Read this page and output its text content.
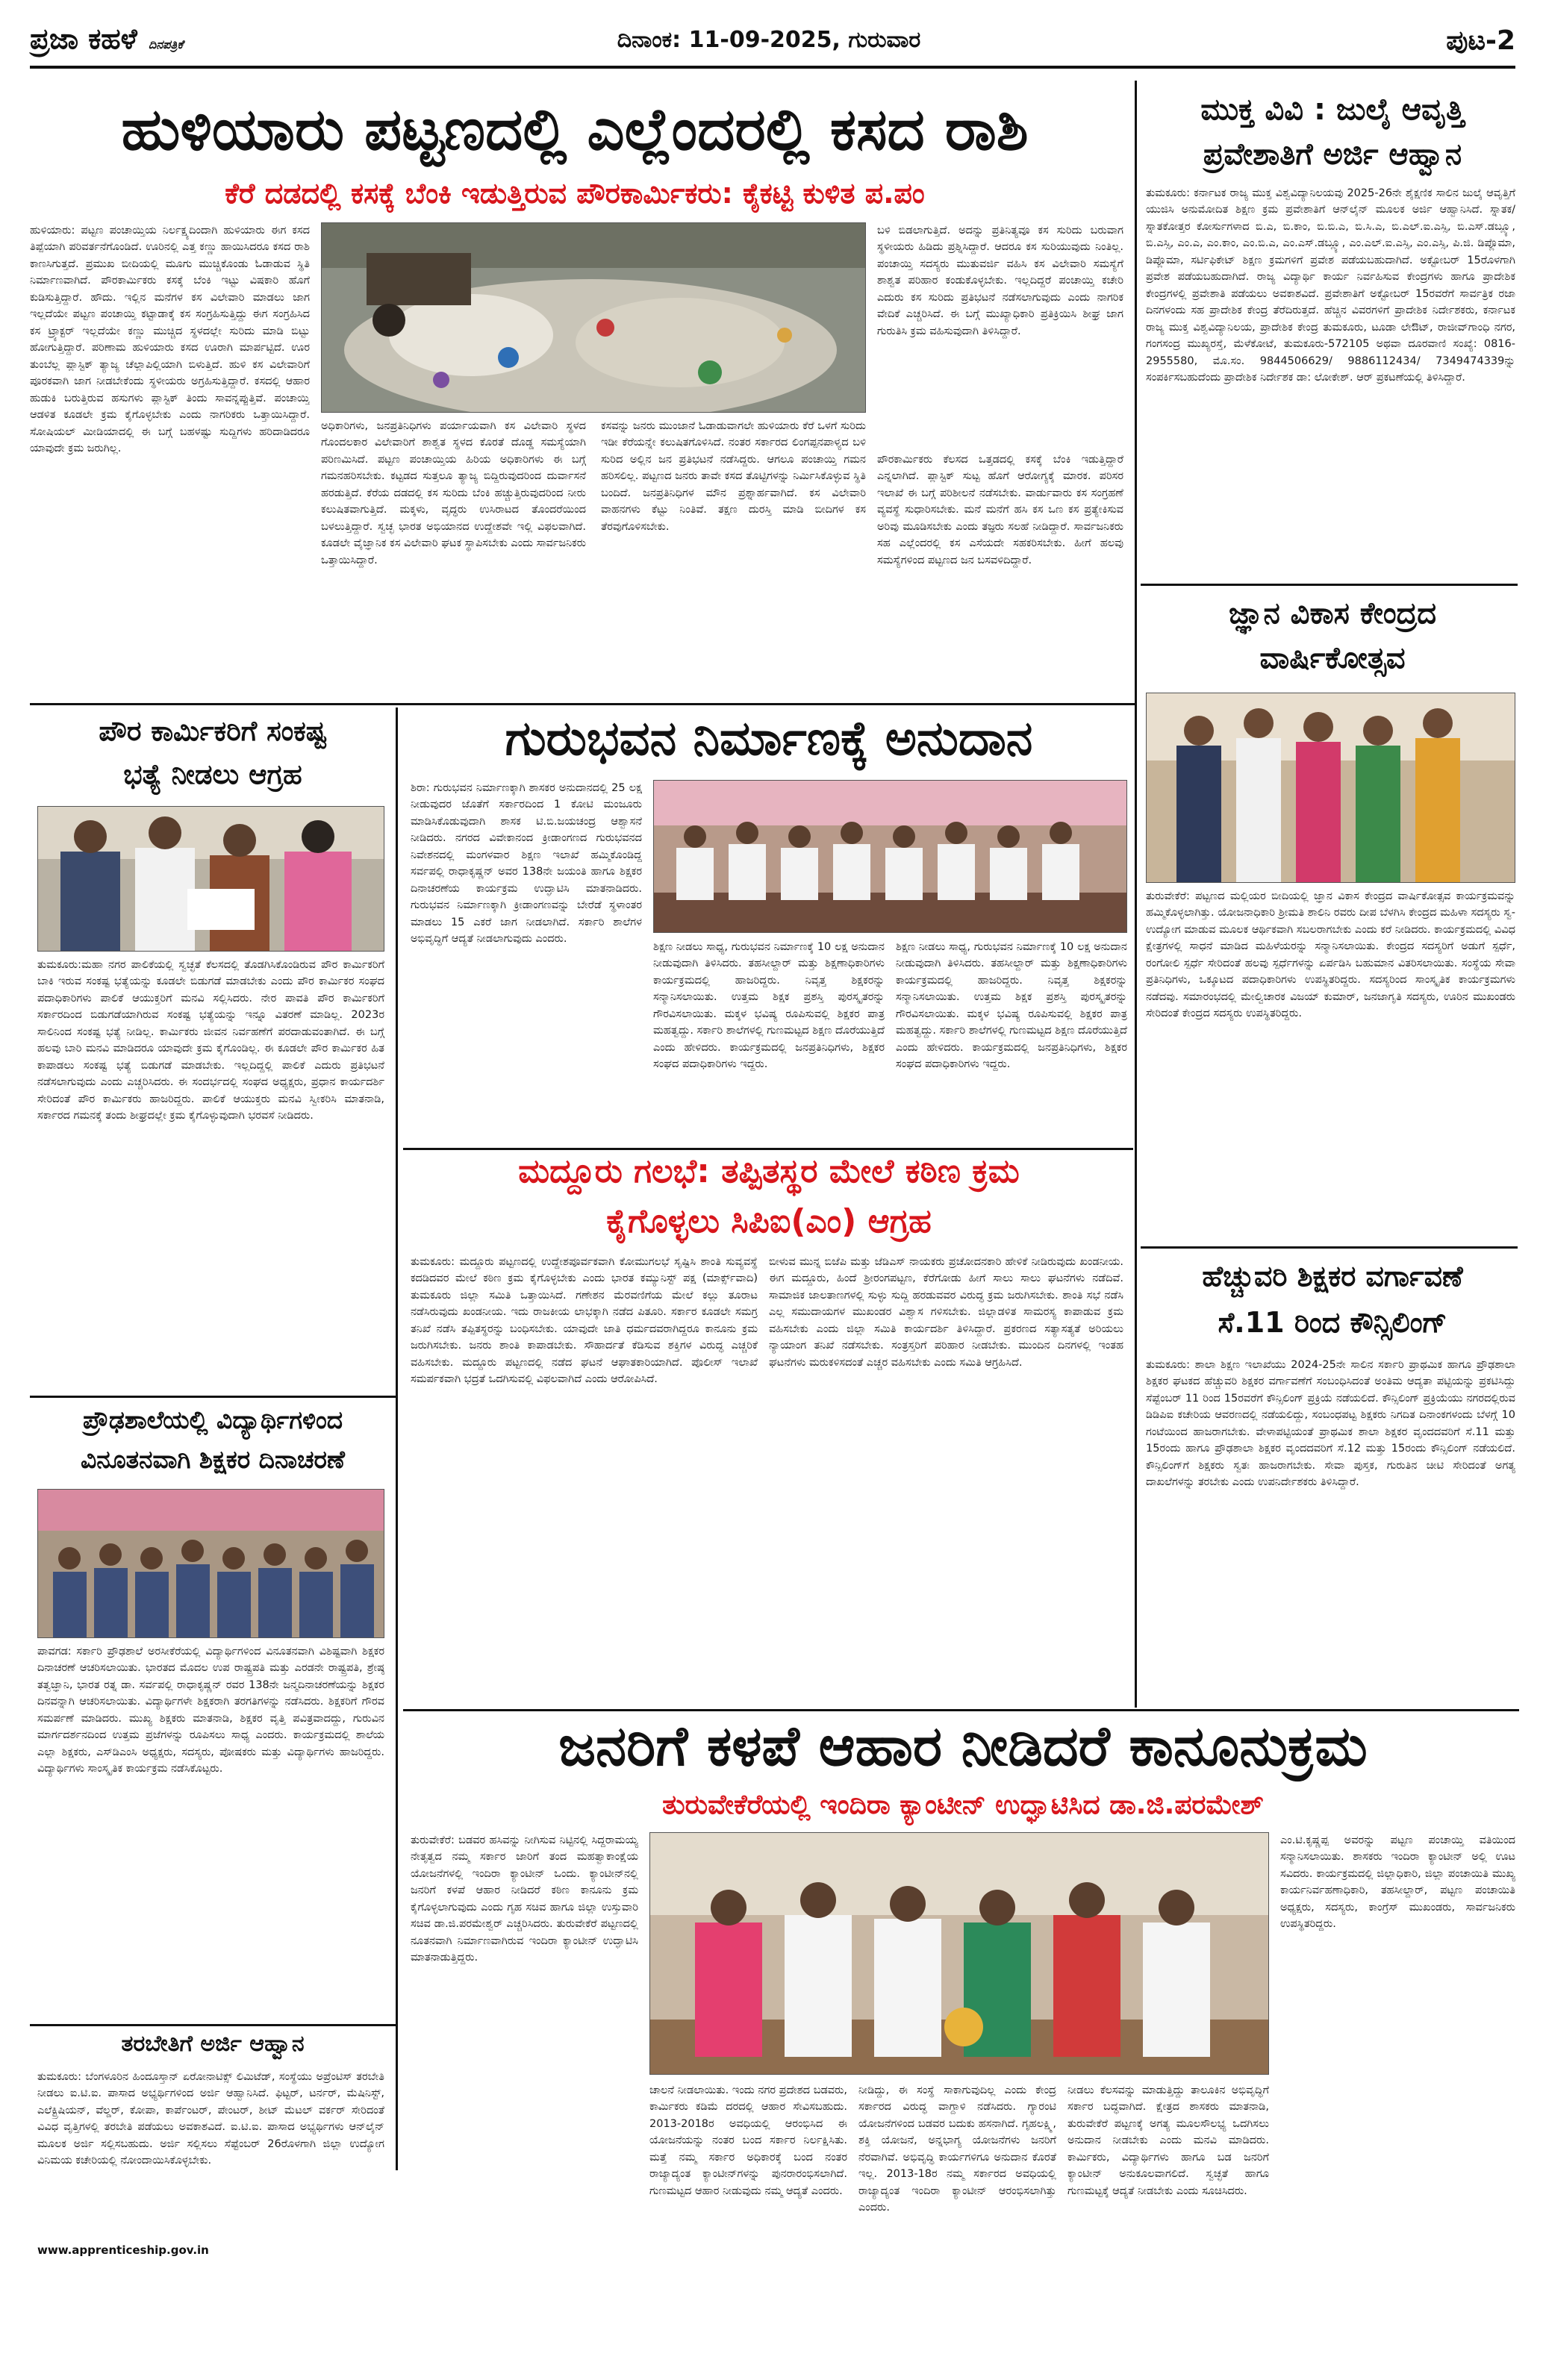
ಪ್ರಜಾ ಕಹಳೆ ದಿನಪತ್ರಿಕೆ	ದಿನಾಂಕ: 11-09-2025, ಗುರುವಾರ	ಪುಟ-2
ಹುಳಿಯಾರು ಪಟ್ಟಣದಲ್ಲಿ ಎಲ್ಲೆಂದರಲ್ಲಿ ಕಸದ ರಾಶಿ
ಕೆರೆ ದಡದಲ್ಲಿ ಕಸಕ್ಕೆ ಬೆಂಕಿ ಇಡುತ್ತಿರುವ ಪೌರಕಾರ್ಮಿಕರು: ಕೈಕಟ್ಟಿ ಕುಳಿತ ಪ.ಪಂ
ಹುಳಿಯಾರು: ಪಟ್ಟಣ ಪಂಚಾಯ್ತಿಯ ನಿರ್ಲಕ್ಷ್ಯದಿಂದಾಗಿ ಹುಳಿಯಾರು ಈಗ ಕಸದ ತಿಪ್ಪೆಯಾಗಿ ಪರಿವರ್ತನೆಗೊಂಡಿದೆ. ಊರಿನಲ್ಲಿ ಎತ್ತ ಕಣ್ಣು ಹಾಯಿಸಿದರೂ ಕಸದ ರಾಶಿ ಕಾಣಸಿಗುತ್ತದೆ. ಪ್ರಮುಖ ಬೀದಿಯಲ್ಲಿ ಮೂಗು ಮುಚ್ಚಿಕೊಂಡು ಓಡಾಡುವ ಸ್ಥಿತಿ ನಿರ್ಮಾಣವಾಗಿದೆ. ಪೌರಕಾರ್ಮಿಕರು ಕಸಕ್ಕೆ ಬೆಂಕಿ ಇಟ್ಟು ವಿಷಕಾರಿ ಹೊಗೆ ಕುಡಿಸುತ್ತಿದ್ದಾರೆ. ಹೌದು. ಇಲ್ಲಿನ ಮನೆಗಳ ಕಸ ವಿಲೇವಾರಿ ಮಾಡಲು ಜಾಗ ಇಲ್ಲದೆಯೇ ಪಟ್ಟಣ ಪಂಚಾಯ್ತಿ ಕಟ್ಟಾಡಾಕ್ಕೆ ಕಸ ಸಂಗ್ರಹಿಸುತ್ತಿದ್ದು ಈಗ ಸಂಗ್ರಹಿಸಿದ ಕಸ ಟ್ರ್ಯಾಕ್ಟರ್ ಇಲ್ಲದೆಯೇ ಕಣ್ಣು ಮುಚ್ಚಿದ ಸ್ಥಳದಲ್ಲೇ ಸುರಿದು ಮಾಡಿ ಬಿಟ್ಟು ಹೋಗುತ್ತಿದ್ದಾರೆ. ಪರಿಣಾಮ ಹುಳಿಯಾರು ಕಸದ ಊರಾಗಿ ಮಾರ್ಪಟ್ಟಿದೆ. ಊರ ತುಂಬೆಲ್ಲ ಪ್ಲಾಸ್ಟಿಕ್ ತ್ಯಾಜ್ಯ ಚೆಲ್ಲಾಪಿಲ್ಲಿಯಾಗಿ ಬಿಳುತ್ತಿದೆ. ಹುಳಿ ಕಸ ವಿಲೇವಾರಿಗೆ ಪೂರಕವಾಗಿ ಜಾಗ ನೀಡಬೇಕೆಂದು ಸ್ಥಳೀಯರು ಅಗ್ರಹಿಸುತ್ತಿದ್ದಾರೆ. ಕಸದಲ್ಲಿ ಆಹಾರ ಹುಡುಕಿ ಬರುತ್ತಿರುವ ಹಸುಗಳು ಪ್ಲಾಸ್ಟಿಕ್ ತಿಂದು ಸಾವನ್ನಪ್ಪುತ್ತಿವೆ. ಪಂಚಾಯ್ತಿ ಆಡಳಿತ ಕೂಡಲೇ ಕ್ರಮ ಕೈಗೊಳ್ಳಬೇಕು ಎಂದು ನಾಗರಿಕರು ಒತ್ತಾಯಿಸಿದ್ದಾರೆ. ಸೋಷಿಯಲ್ ಮೀಡಿಯಾದಲ್ಲಿ ಈ ಬಗ್ಗೆ ಬಹಳಷ್ಟು ಸುದ್ದಿಗಳು ಹರಿದಾಡಿದರೂ ಯಾವುದೇ ಕ್ರಮ ಜರುಗಿಲ್ಲ.
ಅಧಿಕಾರಿಗಳು, ಜನಪ್ರತಿನಿಧಿಗಳು ಪರ್ಯಾಯವಾಗಿ ಕಸ ವಿಲೇವಾರಿ ಸ್ಥಳದ ಗೊಂದಲಕಾರ ವಿಲೇವಾರಿಗೆ ಶಾಶ್ವತ ಸ್ಥಳದ ಕೊರತೆ ದೊಡ್ಡ ಸಮಸ್ಯೆಯಾಗಿ ಪರಿಣಮಿಸಿದೆ. ಪಟ್ಟಣ ಪಂಚಾಯ್ತಿಯ ಹಿರಿಯ ಅಧಿಕಾರಿಗಳು ಈ ಬಗ್ಗೆ ಗಮನಹರಿಸಬೇಕು. ಕಟ್ಟಡದ ಸುತ್ತಲೂ ತ್ಯಾಜ್ಯ ಬಿದ್ದಿರುವುದರಿಂದ ದುರ್ವಾಸನೆ ಹರಡುತ್ತಿದೆ. ಕೆರೆಯ ದಡದಲ್ಲಿ ಕಸ ಸುರಿದು ಬೆಂಕಿ ಹಚ್ಚುತ್ತಿರುವುದರಿಂದ ನೀರು ಕಲುಷಿತವಾಗುತ್ತಿದೆ. ಮಕ್ಕಳು, ವೃದ್ಧರು ಉಸಿರಾಟದ ತೊಂದರೆಯಿಂದ ಬಳಲುತ್ತಿದ್ದಾರೆ. ಸ್ವಚ್ಛ ಭಾರತ ಅಭಿಯಾನದ ಉದ್ದೇಶವೇ ಇಲ್ಲಿ ವಿಫಲವಾಗಿದೆ. ಕೂಡಲೇ ವೈಜ್ಞಾನಿಕ ಕಸ ವಿಲೇವಾರಿ ಘಟಕ ಸ್ಥಾಪಿಸಬೇಕು ಎಂದು ಸಾರ್ವಜನಿಕರು ಒತ್ತಾಯಿಸಿದ್ದಾರೆ.
ಕಸವನ್ನು ಜನರು ಮುಂಜಾನೆ ಓಡಾಡುವಾಗಲೇ ಹುಳಿಯಾರು ಕೆರೆ ಒಳಗೆ ಸುರಿದು ಇಡೀ ಕೆರೆಯನ್ನೇ ಕಲುಷಿತಗೊಳಿಸಿದೆ. ನಂತರ ಸರ್ಕಾರದ ಲಿಂಗಪ್ಪನಪಾಳ್ಯದ ಬಳಿ ಸುರಿದ ಅಲ್ಲಿನ ಜನ ಪ್ರತಿಭಟನೆ ನಡೆಸಿದ್ದರು. ಆಗಲೂ ಪಂಚಾಯ್ತಿ ಗಮನ ಹರಿಸಲಿಲ್ಲ. ಪಟ್ಟಣದ ಜನರು ತಾವೇ ಕಸದ ತೊಟ್ಟಿಗಳನ್ನು ನಿರ್ಮಿಸಿಕೊಳ್ಳುವ ಸ್ಥಿತಿ ಬಂದಿದೆ. ಜನಪ್ರತಿನಿಧಿಗಳ ಮೌನ ಪ್ರಶ್ನಾರ್ಹವಾಗಿದೆ. ಕಸ ವಿಲೇವಾರಿ ವಾಹನಗಳು ಕೆಟ್ಟು ನಿಂತಿವೆ. ತಕ್ಷಣ ದುರಸ್ತಿ ಮಾಡಿ ಬೀದಿಗಳ ಕಸ ತೆರವುಗೊಳಿಸಬೇಕು.
ಬಳಿ ಬಿಡಲಾಗುತ್ತಿದೆ. ಅದನ್ನು ಪ್ರತಿನಿತ್ಯವೂ ಕಸ ಸುರಿದು ಬರುವಾಗ ಸ್ಥಳೀಯರು ಹಿಡಿದು ಪ್ರಶ್ನಿಸಿದ್ದಾರೆ. ಆದರೂ ಕಸ ಸುರಿಯುವುದು ನಿಂತಿಲ್ಲ. ಪಂಚಾಯ್ತಿ ಸದಸ್ಯರು ಮುತುವರ್ಜಿ ವಹಿಸಿ ಕಸ ವಿಲೇವಾರಿ ಸಮಸ್ಯೆಗೆ ಶಾಶ್ವತ ಪರಿಹಾರ ಕಂಡುಕೊಳ್ಳಬೇಕು. ಇಲ್ಲದಿದ್ದರೆ ಪಂಚಾಯ್ತಿ ಕಚೇರಿ ಎದುರು ಕಸ ಸುರಿದು ಪ್ರತಿಭಟನೆ ನಡೆಸಲಾಗುವುದು ಎಂದು ನಾಗರಿಕ ವೇದಿಕೆ ಎಚ್ಚರಿಸಿದೆ. ಈ ಬಗ್ಗೆ ಮುಖ್ಯಾಧಿಕಾರಿ ಪ್ರತಿಕ್ರಿಯಿಸಿ ಶೀಘ್ರ ಜಾಗ ಗುರುತಿಸಿ ಕ್ರಮ ವಹಿಸುವುದಾಗಿ ತಿಳಿಸಿದ್ದಾರೆ.
ಪೌರಕಾರ್ಮಿಕರು ಕೆಲಸದ ಒತ್ತಡದಲ್ಲಿ ಕಸಕ್ಕೆ ಬೆಂಕಿ ಇಡುತ್ತಿದ್ದಾರೆ ಎನ್ನಲಾಗಿದೆ. ಪ್ಲಾಸ್ಟಿಕ್ ಸುಟ್ಟ ಹೊಗೆ ಆರೋಗ್ಯಕ್ಕೆ ಮಾರಕ. ಪರಿಸರ ಇಲಾಖೆ ಈ ಬಗ್ಗೆ ಪರಿಶೀಲನೆ ನಡೆಸಬೇಕು. ವಾರ್ಡುವಾರು ಕಸ ಸಂಗ್ರಹಣೆ ವ್ಯವಸ್ಥೆ ಸುಧಾರಿಸಬೇಕು. ಮನೆ ಮನೆಗೆ ಹಸಿ ಕಸ ಒಣ ಕಸ ಪ್ರತ್ಯೇಕಿಸುವ ಅರಿವು ಮೂಡಿಸಬೇಕು ಎಂದು ತಜ್ಞರು ಸಲಹೆ ನೀಡಿದ್ದಾರೆ. ಸಾರ್ವಜನಿಕರು ಸಹ ಎಲ್ಲೆಂದರಲ್ಲಿ ಕಸ ಎಸೆಯದೇ ಸಹಕರಿಸಬೇಕು. ಹೀಗೆ ಹಲವು ಸಮಸ್ಯೆಗಳಿಂದ ಪಟ್ಟಣದ ಜನ ಬಸವಳಿದಿದ್ದಾರೆ.
ಮುಕ್ತ ವಿವಿ : ಜುಲೈ ಆವೃತ್ತಿ
ಪ್ರವೇಶಾತಿಗೆ ಅರ್ಜಿ ಆಹ್ವಾನ
ತುಮಕೂರು: ಕರ್ನಾಟಕ ರಾಜ್ಯ ಮುಕ್ತ ವಿಶ್ವವಿದ್ಯಾನಿಲಯವು 2025-26ನೇ ಶೈಕ್ಷಣಿಕ ಸಾಲಿನ ಜುಲೈ ಆವೃತ್ತಿಗೆ ಯುಜಿಸಿ ಅನುಮೋದಿತ ಶಿಕ್ಷಣ ಕ್ರಮ ಪ್ರವೇಶಾತಿಗೆ ಆನ್‌ಲೈನ್ ಮೂಲಕ ಅರ್ಜಿ ಆಹ್ವಾನಿಸಿದೆ. ಸ್ನಾತಕ/ಸ್ನಾತಕೋತ್ತರ ಕೋರ್ಸುಗಳಾದ ಬಿ.ಎ, ಬಿ.ಕಾಂ, ಬಿ.ಬಿ.ಎ, ಬಿ.ಸಿ.ಎ, ಬಿ.ಎಲ್.ಐ.ಎಸ್ಸಿ, ಬಿ.ಎಸ್.ಡಬ್ಲ್ಯೂ, ಬಿ.ಎಸ್ಸಿ, ಎಂ.ಎ, ಎಂ.ಕಾಂ, ಎಂ.ಬಿ.ಎ, ಎಂ.ಎಸ್.ಡಬ್ಲ್ಯೂ, ಎಂ.ಎಲ್.ಐ.ಎಸ್ಸಿ, ಎಂ.ಎಸ್ಸಿ, ಪಿ.ಜಿ. ಡಿಪ್ಲೊಮಾ, ಡಿಪ್ಲೊಮಾ, ಸರ್ಟಿಫಿಕೇಟ್ ಶಿಕ್ಷಣ ಕ್ರಮಗಳಿಗೆ ಪ್ರವೇಶ ಪಡೆಯಬಹುದಾಗಿದೆ. ಅಕ್ಟೋಬರ್ 15ರೊಳಗಾಗಿ ಪ್ರವೇಶ ಪಡೆಯಬಹುದಾಗಿದೆ. ರಾಜ್ಯ ವಿದ್ಯಾರ್ಥಿ ಕಾರ್ಯ ನಿರ್ವಹಿಸುವ ಕೇಂದ್ರಗಳು ಹಾಗೂ ಪ್ರಾದೇಶಿಕ ಕೇಂದ್ರಗಳಲ್ಲಿ ಪ್ರವೇಶಾತಿ ಪಡೆಯಲು ಅವಕಾಶವಿದೆ. ಪ್ರವೇಶಾತಿಗೆ ಅಕ್ಟೋಬರ್ 15ರವರೆಗೆ ಸಾರ್ವತ್ರಿಕ ರಜಾ ದಿನಗಳಂದು ಸಹ ಪ್ರಾದೇಶಿಕ ಕೇಂದ್ರ ತೆರೆದಿರುತ್ತದೆ. ಹೆಚ್ಚಿನ ವಿವರಗಳಿಗೆ ಪ್ರಾದೇಶಿಕ ನಿರ್ದೇಶಕರು, ಕರ್ನಾಟಕ ರಾಜ್ಯ ಮುಕ್ತ ವಿಶ್ವವಿದ್ಯಾನಿಲಯ, ಪ್ರಾದೇಶಿಕ ಕೇಂದ್ರ ತುಮಕೂರು, ಟೂಡಾ ಲೇಔಟ್, ರಾಜೀವ್‌ಗಾಂಧಿ ನಗರ, ಗಂಗಸಂದ್ರ ಮುಖ್ಯರಸ್ತೆ, ಮೆಳೆಕೋಟೆ, ತುಮಕೂರು-572105 ಅಥವಾ ದೂರವಾಣಿ ಸಂಖ್ಯೆ: 0816-2955580, ಮೊ.ಸಂ. 9844506629/ 9886112434/ 7349474339ನ್ನು ಸಂಪರ್ಕಿಸಬಹುದೆಂದು ಪ್ರಾದೇಶಿಕ ನಿರ್ದೇಶಕ ಡಾ: ಲೋಕೇಶ್. ಆರ್ ಪ್ರಕಟಣೆಯಲ್ಲಿ ತಿಳಿಸಿದ್ದಾರೆ.
ಜ್ಞಾನ ವಿಕಾಸ ಕೇಂದ್ರದ
ವಾರ್ಷಿಕೋತ್ಸವ
ತುರುವೇಕೆರೆ: ಪಟ್ಟಣದ ಮಲ್ಲಿಯರ ಬೀದಿಯಲ್ಲಿ ಜ್ಞಾನ ವಿಕಾಸ ಕೇಂದ್ರದ ವಾರ್ಷಿಕೋತ್ಸವ ಕಾರ್ಯಕ್ರಮವನ್ನು ಹಮ್ಮಿಕೊಳ್ಳಲಾಗಿತ್ತು. ಯೋಜನಾಧಿಕಾರಿ ಶ್ರೀಮತಿ ಶಾಲಿನಿ ರವರು ದೀಪ ಬೆಳಗಿಸಿ ಕೇಂದ್ರದ ಮಹಿಳಾ ಸದಸ್ಯರು ಸ್ವ-ಉದ್ಯೋಗ ಮಾಡುವ ಮೂಲಕ ಆರ್ಥಿಕವಾಗಿ ಸಬಲರಾಗಬೇಕು ಎಂದು ಕರೆ ನೀಡಿದರು. ಕಾರ್ಯಕ್ರಮದಲ್ಲಿ ವಿವಿಧ ಕ್ಷೇತ್ರಗಳಲ್ಲಿ ಸಾಧನೆ ಮಾಡಿದ ಮಹಿಳೆಯರನ್ನು ಸನ್ಮಾನಿಸಲಾಯಿತು. ಕೇಂದ್ರದ ಸದಸ್ಯರಿಗೆ ಅಡುಗೆ ಸ್ಪರ್ಧೆ, ರಂಗೋಲಿ ಸ್ಪರ್ಧೆ ಸೇರಿದಂತೆ ಹಲವು ಸ್ಪರ್ಧೆಗಳನ್ನು ಏರ್ಪಡಿಸಿ ಬಹುಮಾನ ವಿತರಿಸಲಾಯಿತು. ಸಂಸ್ಥೆಯ ಸೇವಾ ಪ್ರತಿನಿಧಿಗಳು, ಒಕ್ಕೂಟದ ಪದಾಧಿಕಾರಿಗಳು ಉಪಸ್ಥಿತರಿದ್ದರು. ಸದಸ್ಯರಿಂದ ಸಾಂಸ್ಕೃತಿಕ ಕಾರ್ಯಕ್ರಮಗಳು ನಡೆದವು. ಸಮಾರಂಭದಲ್ಲಿ ಮೇಲ್ವಿಚಾರಕ ವಿಜಯ್ ಕುಮಾರ್, ಜನಜಾಗೃತಿ ಸದಸ್ಯರು, ಊರಿನ ಮುಖಂಡರು ಸೇರಿದಂತೆ ಕೇಂದ್ರದ ಸದಸ್ಯರು ಉಪಸ್ಥಿತರಿದ್ದರು.
ಹೆಚ್ಚುವರಿ ಶಿಕ್ಷಕರ ವರ್ಗಾವಣೆ
ಸೆ.11 ರಿಂದ ಕೌನ್ಸಿಲಿಂಗ್
ತುಮಕೂರು: ಶಾಲಾ ಶಿಕ್ಷಣ ಇಲಾಖೆಯು 2024-25ನೇ ಸಾಲಿನ ಸರ್ಕಾರಿ ಪ್ರಾಥಮಿಕ ಹಾಗೂ ಪ್ರೌಢಶಾಲಾ ಶಿಕ್ಷಕರ ಘಟಕದ ಹೆಚ್ಚುವರಿ ಶಿಕ್ಷಕರ ವರ್ಗಾವಣೆಗೆ ಸಂಬಂಧಿಸಿದಂತೆ ಅಂತಿಮ ಆದ್ಯತಾ ಪಟ್ಟಿಯನ್ನು ಪ್ರಕಟಿಸಿದ್ದು ಸೆಪ್ಟೆಂಬರ್ 11 ರಿಂದ 15ರವರೆಗೆ ಕೌನ್ಸಿಲಿಂಗ್ ಪ್ರಕ್ರಿಯೆ ನಡೆಯಲಿದೆ. ಕೌನ್ಸಿಲಿಂಗ್ ಪ್ರಕ್ರಿಯೆಯು ನಗರದಲ್ಲಿರುವ ಡಿಡಿಪಿಐ ಕಚೇರಿಯ ಆವರಣದಲ್ಲಿ ನಡೆಯಲಿದ್ದು, ಸಂಬಂಧಪಟ್ಟ ಶಿಕ್ಷಕರು ನಿಗದಿತ ದಿನಾಂಕಗಳಂದು ಬೆಳಗ್ಗೆ 10 ಗಂಟೆಯಿಂದ ಹಾಜರಾಗಬೇಕು. ವೇಳಾಪಟ್ಟಿಯಂತೆ ಪ್ರಾಥಮಿಕ ಶಾಲಾ ಶಿಕ್ಷಕರ ವೃಂದದವರಿಗೆ ಸೆ.11 ಮತ್ತು 15ರಂದು ಹಾಗೂ ಪ್ರೌಢಶಾಲಾ ಶಿಕ್ಷಕರ ವೃಂದದವರಿಗೆ ಸೆ.12 ಮತ್ತು 15ರಂದು ಕೌನ್ಸಿಲಿಂಗ್ ನಡೆಯಲಿದೆ. ಕೌನ್ಸಿಲಿಂಗ್‌ಗೆ ಶಿಕ್ಷಕರು ಸ್ವತಃ ಹಾಜರಾಗಬೇಕು. ಸೇವಾ ಪುಸ್ತಕ, ಗುರುತಿನ ಚೀಟಿ ಸೇರಿದಂತೆ ಅಗತ್ಯ ದಾಖಲೆಗಳನ್ನು ತರಬೇಕು ಎಂದು ಉಪನಿರ್ದೇಶಕರು ತಿಳಿಸಿದ್ದಾರೆ.
ಪೌರ ಕಾರ್ಮಿಕರಿಗೆ ಸಂಕಷ್ಟ
ಭತ್ಯೆ ನೀಡಲು ಆಗ್ರಹ
ತುಮಕೂರು:ಮಹಾ ನಗರ ಪಾಲಿಕೆಯಲ್ಲಿ ಸ್ವಚ್ಛತೆ ಕೆಲಸದಲ್ಲಿ ತೊಡಗಿಸಿಕೊಂಡಿರುವ ಪೌರ ಕಾರ್ಮಿಕರಿಗೆ ಬಾಕಿ ಇರುವ ಸಂಕಷ್ಟ ಭತ್ಯೆಯನ್ನು ಕೂಡಲೇ ಬಿಡುಗಡೆ ಮಾಡಬೇಕು ಎಂದು ಪೌರ ಕಾರ್ಮಿಕರ ಸಂಘದ ಪದಾಧಿಕಾರಿಗಳು ಪಾಲಿಕೆ ಆಯುಕ್ತರಿಗೆ ಮನವಿ ಸಲ್ಲಿಸಿದರು. ನೇರ ಪಾವತಿ ಪೌರ ಕಾರ್ಮಿಕರಿಗೆ ಸರ್ಕಾರದಿಂದ ಬಿಡುಗಡೆಯಾಗಿರುವ ಸಂಕಷ್ಟ ಭತ್ಯೆಯನ್ನು ಇನ್ನೂ ವಿತರಣೆ ಮಾಡಿಲ್ಲ. 2023ರ ಸಾಲಿನಿಂದ ಸಂಕಷ್ಟ ಭತ್ಯೆ ನೀಡಿಲ್ಲ. ಕಾರ್ಮಿಕರು ಜೀವನ ನಿರ್ವಹಣೆಗೆ ಪರದಾಡುವಂತಾಗಿದೆ. ಈ ಬಗ್ಗೆ ಹಲವು ಬಾರಿ ಮನವಿ ಮಾಡಿದರೂ ಯಾವುದೇ ಕ್ರಮ ಕೈಗೊಂಡಿಲ್ಲ. ಈ ಕೂಡಲೇ ಪೌರ ಕಾರ್ಮಿಕರ ಹಿತ ಕಾಪಾಡಲು ಸಂಕಷ್ಟ ಭತ್ಯೆ ಬಿಡುಗಡೆ ಮಾಡಬೇಕು. ಇಲ್ಲದಿದ್ದಲ್ಲಿ ಪಾಲಿಕೆ ಎದುರು ಪ್ರತಿಭಟನೆ ನಡೆಸಲಾಗುವುದು ಎಂದು ಎಚ್ಚರಿಸಿದರು. ಈ ಸಂದರ್ಭದಲ್ಲಿ ಸಂಘದ ಅಧ್ಯಕ್ಷರು, ಪ್ರಧಾನ ಕಾರ್ಯದರ್ಶಿ ಸೇರಿದಂತೆ ಪೌರ ಕಾರ್ಮಿಕರು ಹಾಜರಿದ್ದರು. ಪಾಲಿಕೆ ಆಯುಕ್ತರು ಮನವಿ ಸ್ವೀಕರಿಸಿ ಮಾತನಾಡಿ, ಸರ್ಕಾರದ ಗಮನಕ್ಕೆ ತಂದು ಶೀಘ್ರದಲ್ಲೇ ಕ್ರಮ ಕೈಗೊಳ್ಳುವುದಾಗಿ ಭರವಸೆ ನೀಡಿದರು.
ಪ್ರೌಢಶಾಲೆಯಲ್ಲಿ ವಿದ್ಯಾರ್ಥಿಗಳಿಂದ
ವಿನೂತನವಾಗಿ ಶಿಕ್ಷಕರ ದಿನಾಚರಣೆ
ಪಾವಗಡ: ಸರ್ಕಾರಿ ಪ್ರೌಢಶಾಲೆ ಅರಸೀಕೆರೆಯಲ್ಲಿ ವಿದ್ಯಾರ್ಥಿಗಳಿಂದ ವಿನೂತನವಾಗಿ ವಿಶಿಷ್ಟವಾಗಿ ಶಿಕ್ಷಕರ ದಿನಾಚರಣೆ ಆಚರಿಸಲಾಯಿತು. ಭಾರತದ ಮೊದಲ ಉಪ ರಾಷ್ಟ್ರಪತಿ ಮತ್ತು ಎರಡನೇ ರಾಷ್ಟ್ರಪತಿ, ಶ್ರೇಷ್ಠ ತತ್ವಜ್ಞಾನಿ, ಭಾರತ ರತ್ನ ಡಾ. ಸರ್ವಪಲ್ಲಿ ರಾಧಾಕೃಷ್ಣನ್ ರವರ 138ನೇ ಜನ್ಮದಿನಾಚರಣೆಯನ್ನು ಶಿಕ್ಷಕರ ದಿನವನ್ನಾಗಿ ಆಚರಿಸಲಾಯಿತು. ವಿದ್ಯಾರ್ಥಿಗಳೇ ಶಿಕ್ಷಕರಾಗಿ ತರಗತಿಗಳನ್ನು ನಡೆಸಿದರು. ಶಿಕ್ಷಕರಿಗೆ ಗೌರವ ಸಮರ್ಪಣೆ ಮಾಡಿದರು. ಮುಖ್ಯ ಶಿಕ್ಷಕರು ಮಾತನಾಡಿ, ಶಿಕ್ಷಕರ ವೃತ್ತಿ ಪವಿತ್ರವಾದದ್ದು, ಗುರುವಿನ ಮಾರ್ಗದರ್ಶನದಿಂದ ಉತ್ತಮ ಪ್ರಜೆಗಳನ್ನು ರೂಪಿಸಲು ಸಾಧ್ಯ ಎಂದರು. ಕಾರ್ಯಕ್ರಮದಲ್ಲಿ ಶಾಲೆಯ ಎಲ್ಲಾ ಶಿಕ್ಷಕರು, ಎಸ್‌ಡಿಎಂಸಿ ಅಧ್ಯಕ್ಷರು, ಸದಸ್ಯರು, ಪೋಷಕರು ಮತ್ತು ವಿದ್ಯಾರ್ಥಿಗಳು ಹಾಜರಿದ್ದರು. ವಿದ್ಯಾರ್ಥಿಗಳು ಸಾಂಸ್ಕೃತಿಕ ಕಾರ್ಯಕ್ರಮ ನಡೆಸಿಕೊಟ್ಟರು.
ತರಬೇತಿಗೆ ಅರ್ಜಿ ಆಹ್ವಾನ
ತುಮಕೂರು: ಬೆಂಗಳೂರಿನ ಹಿಂದೂಸ್ತಾನ್ ಏರೋನಾಟಿಕ್ಸ್ ಲಿಮಿಟೆಡ್, ಸಂಸ್ಥೆಯು ಅಪ್ರೆಂಟಿಸ್ ತರಬೇತಿ ನೀಡಲು ಐ.ಟಿ.ಐ. ಪಾಸಾದ ಅಭ್ಯರ್ಥಿಗಳಿಂದ ಅರ್ಜಿ ಆಹ್ವಾನಿಸಿದೆ. ಫಿಟ್ಟರ್, ಟರ್ನರ್, ಮೆಷಿನಿಸ್ಟ್, ಎಲೆಕ್ಟ್ರಿಷಿಯನ್, ವೆಲ್ಡರ್, ಕೋಪಾ, ಕಾರ್ಪೆಂಟರ್, ಪೇಂಟರ್, ಶೀಟ್ ಮೆಟಲ್ ವರ್ಕರ್ ಸೇರಿದಂತೆ ವಿವಿಧ ವೃತ್ತಿಗಳಲ್ಲಿ ತರಬೇತಿ ಪಡೆಯಲು ಅವಕಾಶವಿದೆ. ಐ.ಟಿ.ಐ. ಪಾಸಾದ ಅಭ್ಯರ್ಥಿಗಳು ಆನ್‌ಲೈನ್ ಮೂಲಕ ಅರ್ಜಿ ಸಲ್ಲಿಸಬಹುದು. ಅರ್ಜಿ ಸಲ್ಲಿಸಲು ಸೆಪ್ಟೆಂಬರ್ 26ರೊಳಗಾಗಿ ಜಿಲ್ಲಾ ಉದ್ಯೋಗ ವಿನಿಮಯ ಕಚೇರಿಯಲ್ಲಿ ನೋಂದಾಯಿಸಿಕೊಳ್ಳಬೇಕು.
www.apprenticeship.gov.in
ಗುರುಭವನ ನಿರ್ಮಾಣಕ್ಕೆ ಅನುದಾನ
ಶಿರಾ: ಗುರುಭವನ ನಿರ್ಮಾಣಕ್ಕಾಗಿ ಶಾಸಕರ ಅನುದಾನದಲ್ಲಿ 25 ಲಕ್ಷ ನೀಡುವುದರ ಜೊತೆಗೆ ಸರ್ಕಾರದಿಂದ 1 ಕೋಟಿ ಮಂಜೂರು ಮಾಡಿಸಿಕೊಡುವುದಾಗಿ ಶಾಸಕ ಟಿ.ಬಿ.ಜಯಚಂದ್ರ ಆಶ್ವಾಸನೆ ನೀಡಿದರು. ನಗರದ ವಿವೇಕಾನಂದ ಕ್ರೀಡಾಂಗಣದ ಗುರುಭವನದ ನಿವೇಶನದಲ್ಲಿ ಮಂಗಳವಾರ ಶಿಕ್ಷಣ ಇಲಾಖೆ ಹಮ್ಮಿಕೊಂಡಿದ್ದ ಸರ್ವಪಲ್ಲಿ ರಾಧಾಕೃಷ್ಣನ್ ಅವರ 138ನೇ ಜಯಂತಿ ಹಾಗೂ ಶಿಕ್ಷಕರ ದಿನಾಚರಣೆಯ ಕಾರ್ಯಕ್ರಮ ಉದ್ಘಾಟಿಸಿ ಮಾತನಾಡಿದರು. ಗುರುಭವನ ನಿರ್ಮಾಣಕ್ಕಾಗಿ ಕ್ರೀಡಾಂಗಣವನ್ನು ಬೇರೆಡೆ ಸ್ಥಳಾಂತರ ಮಾಡಲು 15 ಎಕರೆ ಜಾಗ ನೀಡಲಾಗಿದೆ. ಸರ್ಕಾರಿ ಶಾಲೆಗಳ ಅಭಿವೃದ್ಧಿಗೆ ಆದ್ಯತೆ ನೀಡಲಾಗುವುದು ಎಂದರು.
ಶಿಕ್ಷಣ ನೀಡಲು ಸಾಧ್ಯ, ಗುರುಭವನ ನಿರ್ಮಾಣಕ್ಕೆ 10 ಲಕ್ಷ ಅನುದಾನ ನೀಡುವುದಾಗಿ ತಿಳಿಸಿದರು. ತಹಸೀಲ್ದಾರ್ ಮತ್ತು ಶಿಕ್ಷಣಾಧಿಕಾರಿಗಳು ಕಾರ್ಯಕ್ರಮದಲ್ಲಿ ಹಾಜರಿದ್ದರು. ನಿವೃತ್ತ ಶಿಕ್ಷಕರನ್ನು ಸನ್ಮಾನಿಸಲಾಯಿತು. ಉತ್ತಮ ಶಿಕ್ಷಕ ಪ್ರಶಸ್ತಿ ಪುರಸ್ಕೃತರನ್ನು ಗೌರವಿಸಲಾಯಿತು. ಮಕ್ಕಳ ಭವಿಷ್ಯ ರೂಪಿಸುವಲ್ಲಿ ಶಿಕ್ಷಕರ ಪಾತ್ರ ಮಹತ್ವದ್ದು. ಸರ್ಕಾರಿ ಶಾಲೆಗಳಲ್ಲಿ ಗುಣಮಟ್ಟದ ಶಿಕ್ಷಣ ದೊರೆಯುತ್ತಿದೆ ಎಂದು ಹೇಳಿದರು. ಕಾರ್ಯಕ್ರಮದಲ್ಲಿ ಜನಪ್ರತಿನಿಧಿಗಳು, ಶಿಕ್ಷಕರ ಸಂಘದ ಪದಾಧಿಕಾರಿಗಳು ಇದ್ದರು.
ಶಿಕ್ಷಣ ನೀಡಲು ಸಾಧ್ಯ, ಗುರುಭವನ ನಿರ್ಮಾಣಕ್ಕೆ 10 ಲಕ್ಷ ಅನುದಾನ ನೀಡುವುದಾಗಿ ತಿಳಿಸಿದರು. ತಹಸೀಲ್ದಾರ್ ಮತ್ತು ಶಿಕ್ಷಣಾಧಿಕಾರಿಗಳು ಕಾರ್ಯಕ್ರಮದಲ್ಲಿ ಹಾಜರಿದ್ದರು. ನಿವೃತ್ತ ಶಿಕ್ಷಕರನ್ನು ಸನ್ಮಾನಿಸಲಾಯಿತು. ಉತ್ತಮ ಶಿಕ್ಷಕ ಪ್ರಶಸ್ತಿ ಪುರಸ್ಕೃತರನ್ನು ಗೌರವಿಸಲಾಯಿತು. ಮಕ್ಕಳ ಭವಿಷ್ಯ ರೂಪಿಸುವಲ್ಲಿ ಶಿಕ್ಷಕರ ಪಾತ್ರ ಮಹತ್ವದ್ದು. ಸರ್ಕಾರಿ ಶಾಲೆಗಳಲ್ಲಿ ಗುಣಮಟ್ಟದ ಶಿಕ್ಷಣ ದೊರೆಯುತ್ತಿದೆ ಎಂದು ಹೇಳಿದರು. ಕಾರ್ಯಕ್ರಮದಲ್ಲಿ ಜನಪ್ರತಿನಿಧಿಗಳು, ಶಿಕ್ಷಕರ ಸಂಘದ ಪದಾಧಿಕಾರಿಗಳು ಇದ್ದರು.
ಮದ್ದೂರು ಗಲಭೆ: ತಪ್ಪಿತಸ್ಥರ ಮೇಲೆ ಕಠಿಣ ಕ್ರಮ
ಕೈಗೊಳ್ಳಲು ಸಿಪಿಐ(ಎಂ) ಆಗ್ರಹ
ತುಮಕೂರು: ಮದ್ದೂರು ಪಟ್ಟಣದಲ್ಲಿ ಉದ್ದೇಶಪೂರ್ವಕವಾಗಿ ಕೋಮುಗಲಭೆ ಸೃಷ್ಟಿಸಿ ಶಾಂತಿ ಸುವ್ಯವಸ್ಥೆ ಕದಡಿದವರ ಮೇಲೆ ಕಠಿಣ ಕ್ರಮ ಕೈಗೊಳ್ಳಬೇಕು ಎಂದು ಭಾರತ ಕಮ್ಯುನಿಸ್ಟ್ ಪಕ್ಷ (ಮಾರ್ಕ್ಸ್‌ವಾದಿ) ತುಮಕೂರು ಜಿಲ್ಲಾ ಸಮಿತಿ ಒತ್ತಾಯಿಸಿದೆ. ಗಣೇಶನ ಮೆರವಣಿಗೆಯ ಮೇಲೆ ಕಲ್ಲು ತೂರಾಟ ನಡೆಸಿರುವುದು ಖಂಡನೀಯ. ಇದು ರಾಜಕೀಯ ಲಾಭಕ್ಕಾಗಿ ನಡೆದ ಪಿತೂರಿ. ಸರ್ಕಾರ ಕೂಡಲೇ ಸಮಗ್ರ ತನಿಖೆ ನಡೆಸಿ ತಪ್ಪಿತಸ್ಥರನ್ನು ಬಂಧಿಸಬೇಕು. ಯಾವುದೇ ಜಾತಿ ಧರ್ಮದವರಾಗಿದ್ದರೂ ಕಾನೂನು ಕ್ರಮ ಜರುಗಿಸಬೇಕು. ಜನರು ಶಾಂತಿ ಕಾಪಾಡಬೇಕು. ಸೌಹಾರ್ದತೆ ಕೆಡಿಸುವ ಶಕ್ತಿಗಳ ವಿರುದ್ಧ ಎಚ್ಚರಿಕೆ ವಹಿಸಬೇಕು. ಮದ್ದೂರು ಪಟ್ಟಣದಲ್ಲಿ ನಡೆದ ಘಟನೆ ಆಘಾತಕಾರಿಯಾಗಿದೆ. ಪೊಲೀಸ್ ಇಲಾಖೆ ಸಮರ್ಪಕವಾಗಿ ಭದ್ರತೆ ಒದಗಿಸುವಲ್ಲಿ ವಿಫಲವಾಗಿದೆ ಎಂದು ಆರೋಪಿಸಿದೆ.
ಬೀಳುವ ಮುನ್ನ ಬಿಜೆಪಿ ಮತ್ತು ಜೆಡಿಎಸ್ ನಾಯಕರು ಪ್ರಚೋದನಕಾರಿ ಹೇಳಿಕೆ ನೀಡಿರುವುದು ಖಂಡನೀಯ. ಈಗ ಮದ್ದೂರು, ಹಿಂದೆ ಶ್ರೀರಂಗಪಟ್ಟಣ, ಕೆರೆಗೋಡು ಹೀಗೆ ಸಾಲು ಸಾಲು ಘಟನೆಗಳು ನಡೆದಿವೆ. ಸಾಮಾಜಿಕ ಜಾಲತಾಣಗಳಲ್ಲಿ ಸುಳ್ಳು ಸುದ್ದಿ ಹರಡುವವರ ವಿರುದ್ಧ ಕ್ರಮ ಜರುಗಿಸಬೇಕು. ಶಾಂತಿ ಸಭೆ ನಡೆಸಿ ಎಲ್ಲ ಸಮುದಾಯಗಳ ಮುಖಂಡರ ವಿಶ್ವಾಸ ಗಳಿಸಬೇಕು. ಜಿಲ್ಲಾಡಳಿತ ಸಾಮರಸ್ಯ ಕಾಪಾಡುವ ಕ್ರಮ ವಹಿಸಬೇಕು ಎಂದು ಜಿಲ್ಲಾ ಸಮಿತಿ ಕಾರ್ಯದರ್ಶಿ ತಿಳಿಸಿದ್ದಾರೆ. ಪ್ರಕರಣದ ಸತ್ಯಾಸತ್ಯತೆ ಅರಿಯಲು ನ್ಯಾಯಾಂಗ ತನಿಖೆ ನಡೆಸಬೇಕು. ಸಂತ್ರಸ್ತರಿಗೆ ಪರಿಹಾರ ನೀಡಬೇಕು. ಮುಂದಿನ ದಿನಗಳಲ್ಲಿ ಇಂತಹ ಘಟನೆಗಳು ಮರುಕಳಿಸದಂತೆ ಎಚ್ಚರ ವಹಿಸಬೇಕು ಎಂದು ಸಮಿತಿ ಆಗ್ರಹಿಸಿದೆ.
ಜನರಿಗೆ ಕಳಪೆ ಆಹಾರ ನೀಡಿದರೆ ಕಾನೂನುಕ್ರಮ
ತುರುವೇಕೆರೆಯಲ್ಲಿ ಇಂದಿರಾ ಕ್ಯಾಂಟೀನ್ ಉದ್ಘಾಟಿಸಿದ ಡಾ.ಜಿ.ಪರಮೇಶ್
ತುರುವೇಕೆರೆ: ಬಡವರ ಹಸಿವನ್ನು ನೀಗಿಸುವ ನಿಟ್ಟಿನಲ್ಲಿ ಸಿದ್ದರಾಮಯ್ಯ ನೇತೃತ್ವದ ನಮ್ಮ ಸರ್ಕಾರ ಜಾರಿಗೆ ತಂದ ಮಹತ್ವಾಕಾಂಕ್ಷೆಯ ಯೋಜನೆಗಳಲ್ಲಿ ಇಂದಿರಾ ಕ್ಯಾಂಟೀನ್ ಒಂದು. ಕ್ಯಾಂಟೀನ್‌ನಲ್ಲಿ ಜನರಿಗೆ ಕಳಪೆ ಆಹಾರ ನೀಡಿದರೆ ಕಠಿಣ ಕಾನೂನು ಕ್ರಮ ಕೈಗೊಳ್ಳಲಾಗುವುದು ಎಂದು ಗೃಹ ಸಚಿವ ಹಾಗೂ ಜಿಲ್ಲಾ ಉಸ್ತುವಾರಿ ಸಚಿವ ಡಾ.ಜಿ.ಪರಮೇಶ್ವರ್ ಎಚ್ಚರಿಸಿದರು. ತುರುವೇಕೆರೆ ಪಟ್ಟಣದಲ್ಲಿ ನೂತನವಾಗಿ ನಿರ್ಮಾಣವಾಗಿರುವ ಇಂದಿರಾ ಕ್ಯಾಂಟೀನ್ ಉದ್ಘಾಟಿಸಿ ಮಾತನಾಡುತ್ತಿದ್ದರು.
ಚಾಲನೆ ನೀಡಲಾಯಿತು. ಇಂದು ನಗರ ಪ್ರದೇಶದ ಬಡವರು, ಕಾರ್ಮಿಕರು ಕಡಿಮೆ ದರದಲ್ಲಿ ಆಹಾರ ಸೇವಿಸಬಹುದು. 2013-2018ರ ಅವಧಿಯಲ್ಲಿ ಆರಂಭಿಸಿದ ಈ ಯೋಜನೆಯನ್ನು ನಂತರ ಬಂದ ಸರ್ಕಾರ ನಿರ್ಲಕ್ಷಿಸಿತು. ಮತ್ತೆ ನಮ್ಮ ಸರ್ಕಾರ ಅಧಿಕಾರಕ್ಕೆ ಬಂದ ನಂತರ ರಾಜ್ಯಾದ್ಯಂತ ಕ್ಯಾಂಟೀನ್‌ಗಳನ್ನು ಪುನರಾರಂಭಿಸಲಾಗಿದೆ. ಗುಣಮಟ್ಟದ ಆಹಾರ ನೀಡುವುದು ನಮ್ಮ ಆದ್ಯತೆ ಎಂದರು.
ನೀಡಿದ್ದು, ಈ ಸಂಸ್ಥೆ ಸಾಕಾಗುವುದಿಲ್ಲ ಎಂದು ಕೇಂದ್ರ ಸರ್ಕಾರದ ವಿರುದ್ಧ ವಾಗ್ದಾಳಿ ನಡೆಸಿದರು. ಗ್ಯಾರಂಟಿ ಯೋಜನೆಗಳಿಂದ ಬಡವರ ಬದುಕು ಹಸನಾಗಿದೆ. ಗೃಹಲಕ್ಷ್ಮಿ, ಶಕ್ತಿ ಯೋಜನೆ, ಅನ್ನಭಾಗ್ಯ ಯೋಜನೆಗಳು ಜನರಿಗೆ ನೆರವಾಗಿವೆ. ಅಭಿವೃದ್ಧಿ ಕಾರ್ಯಗಳಿಗೂ ಅನುದಾನ ಕೊರತೆ ಇಲ್ಲ. 2013-18ರ ನಮ್ಮ ಸರ್ಕಾರದ ಅವಧಿಯಲ್ಲಿ ರಾಜ್ಯಾದ್ಯಂತ ಇಂದಿರಾ ಕ್ಯಾಂಟೀನ್ ಆರಂಭಿಸಲಾಗಿತ್ತು ಎಂದರು.
ನೀಡಲು ಕೆಲಸವನ್ನು ಮಾಡುತ್ತಿದ್ದು ತಾಲೂಕಿನ ಅಭಿವೃದ್ಧಿಗೆ ಸರ್ಕಾರ ಬದ್ಧವಾಗಿದೆ. ಕ್ಷೇತ್ರದ ಶಾಸಕರು ಮಾತನಾಡಿ, ತುರುವೇಕೆರೆ ಪಟ್ಟಣಕ್ಕೆ ಅಗತ್ಯ ಮೂಲಸೌಲಭ್ಯ ಒದಗಿಸಲು ಅನುದಾನ ನೀಡಬೇಕು ಎಂದು ಮನವಿ ಮಾಡಿದರು. ಕಾರ್ಮಿಕರು, ವಿದ್ಯಾರ್ಥಿಗಳು ಹಾಗೂ ಬಡ ಜನರಿಗೆ ಕ್ಯಾಂಟೀನ್ ಅನುಕೂಲವಾಗಲಿದೆ. ಸ್ವಚ್ಛತೆ ಹಾಗೂ ಗುಣಮಟ್ಟಕ್ಕೆ ಆದ್ಯತೆ ನೀಡಬೇಕು ಎಂದು ಸೂಚಿಸಿದರು.
ಎಂ.ಟಿ.ಕೃಷ್ಣಪ್ಪ ಅವರನ್ನು ಪಟ್ಟಣ ಪಂಚಾಯ್ತಿ ವತಿಯಿಂದ ಸನ್ಮಾನಿಸಲಾಯಿತು. ಶಾಸಕರು ಇಂದಿರಾ ಕ್ಯಾಂಟೀನ್ ಅಲ್ಲಿ ಊಟ ಸವಿದರು. ಕಾರ್ಯಕ್ರಮದಲ್ಲಿ ಜಿಲ್ಲಾಧಿಕಾರಿ, ಜಿಲ್ಲಾ ಪಂಚಾಯಿತಿ ಮುಖ್ಯ ಕಾರ್ಯನಿರ್ವಹಣಾಧಿಕಾರಿ, ತಹಸೀಲ್ದಾರ್, ಪಟ್ಟಣ ಪಂಚಾಯಿತಿ ಅಧ್ಯಕ್ಷರು, ಸದಸ್ಯರು, ಕಾಂಗ್ರೆಸ್ ಮುಖಂಡರು, ಸಾರ್ವಜನಿಕರು ಉಪಸ್ಥಿತರಿದ್ದರು.
